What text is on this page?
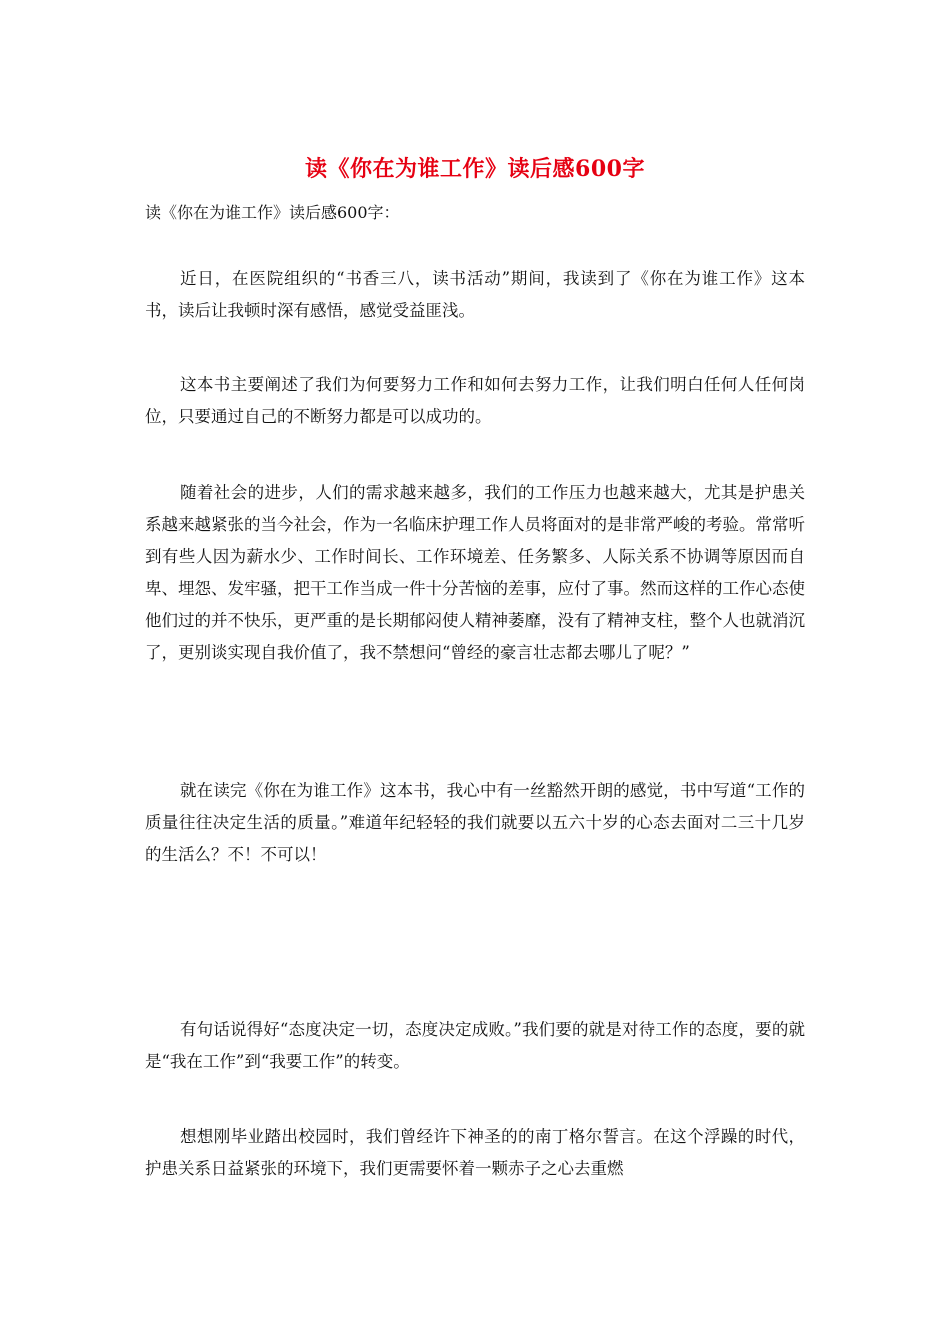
读《你在为谁工作》读后感600字
读《你在为谁工作》读后感600字：

近日，在医院组织的“书香三八，读书活动”期间，我读到了《你在为谁工作》这本书，读后让我顿时深有感悟，感觉受益匪浅。

这本书主要阐述了我们为何要努力工作和如何去努力工作，让我们明白任何人任何岗位，只要通过自己的不断努力都是可以成功的。

随着社会的进步，人们的需求越来越多，我们的工作压力也越来越大，尤其是护患关系越来越紧张的当今社会，作为一名临床护理工作人员将面对的是非常严峻的考验。常常听到有些人因为薪水少、工作时间长、工作环境差、任务繁多、人际关系不协调等原因而自卑、埋怨、发牢骚，把干工作当成一件十分苦恼的差事，应付了事。然而这样的工作心态使他们过的并不快乐，更严重的是长期郁闷使人精神萎靡，没有了精神支柱，整个人也就消沉了，更别谈实现自我价值了，我不禁想问“曾经的豪言壮志都去哪儿了呢？”

就在读完《你在为谁工作》这本书，我心中有一丝豁然开朗的感觉，书中写道“工作的质量往往决定生活的质量。”难道年纪轻轻的我们就要以五六十岁的心态去面对二三十几岁的生活么？不！不可以！

有句话说得好“态度决定一切，态度决定成败。”我们要的就是对待工作的态度，要的就是“我在工作”到“我要工作”的转变。

想想刚毕业踏出校园时，我们曾经许下神圣的的南丁格尔誓言。在这个浮躁的时代，护患关系日益紧张的环境下，我们更需要怀着一颗赤子之心去重燃
